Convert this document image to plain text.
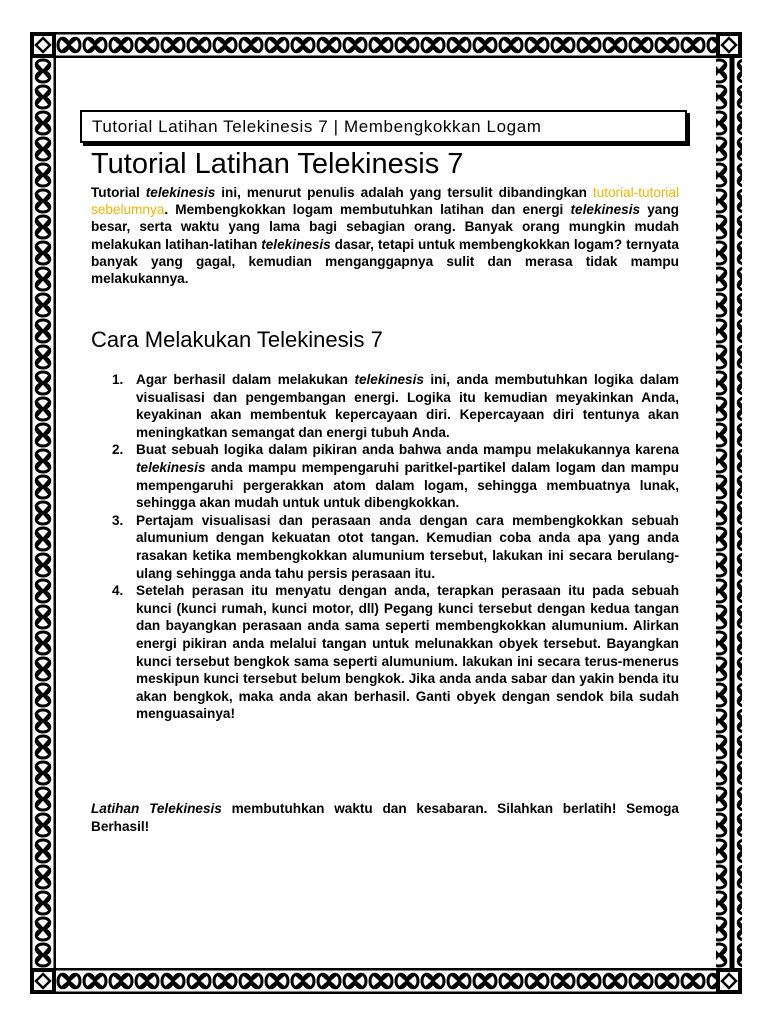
Tutorial Latihan Telekinesis 7 | Membengkokkan Logam
Tutorial Latihan Telekinesis 7

Tutorial telekinesis ini, menurut penulis adalah yang tersulit dibandingkan tutorial-tutorial sebelumnya. Membengkokkan logam membutuhkan latihan dan energi telekinesis yang besar, serta waktu yang lama bagi sebagian orang. Banyak orang mungkin mudah melakukan latihan-latihan telekinesis dasar, tetapi untuk membengkokkan logam? ternyata banyak yang gagal, kemudian menganggapnya sulit dan merasa tidak mampu melakukannya.

Cara Melakukan Telekinesis 7
1. Agar berhasil dalam melakukan telekinesis ini, anda membutuhkan logika dalam visualisasi dan pengembangan energi. Logika itu kemudian meyakinkan Anda, keyakinan akan membentuk kepercayaan diri. Kepercayaan diri tentunya akan meningkatkan semangat dan energi tubuh Anda.
2. Buat sebuah logika dalam pikiran anda bahwa anda mampu melakukannya karena telekinesis anda mampu mempengaruhi paritkel-partikel dalam logam dan mampu mempengaruhi pergerakkan atom dalam logam, sehingga membuatnya lunak, sehingga akan mudah untuk untuk dibengkokkan.
3. Pertajam visualisasi dan perasaan anda dengan cara membengkokkan sebuah alumunium dengan kekuatan otot tangan. Kemudian coba anda apa yang anda rasakan ketika membengkokkan alumunium tersebut, lakukan ini secara berulang-ulang sehingga anda tahu persis perasaan itu.
4. Setelah perasan itu menyatu dengan anda, terapkan perasaan itu pada sebuah kunci (kunci rumah, kunci motor, dll) Pegang kunci tersebut dengan kedua tangan dan bayangkan perasaan anda sama seperti membengkokkan alumunium. Alirkan energi pikiran anda melalui tangan untuk melunakkan obyek tersebut. Bayangkan kunci tersebut bengkok sama seperti alumunium. lakukan ini secara terus-menerus meskipun kunci tersebut belum bengkok. Jika anda anda sabar dan yakin benda itu akan bengkok, maka anda akan berhasil. Ganti obyek dengan sendok bila sudah menguasainya!

Latihan Telekinesis membutuhkan waktu dan kesabaran. Silahkan berlatih! Semoga Berhasil!
